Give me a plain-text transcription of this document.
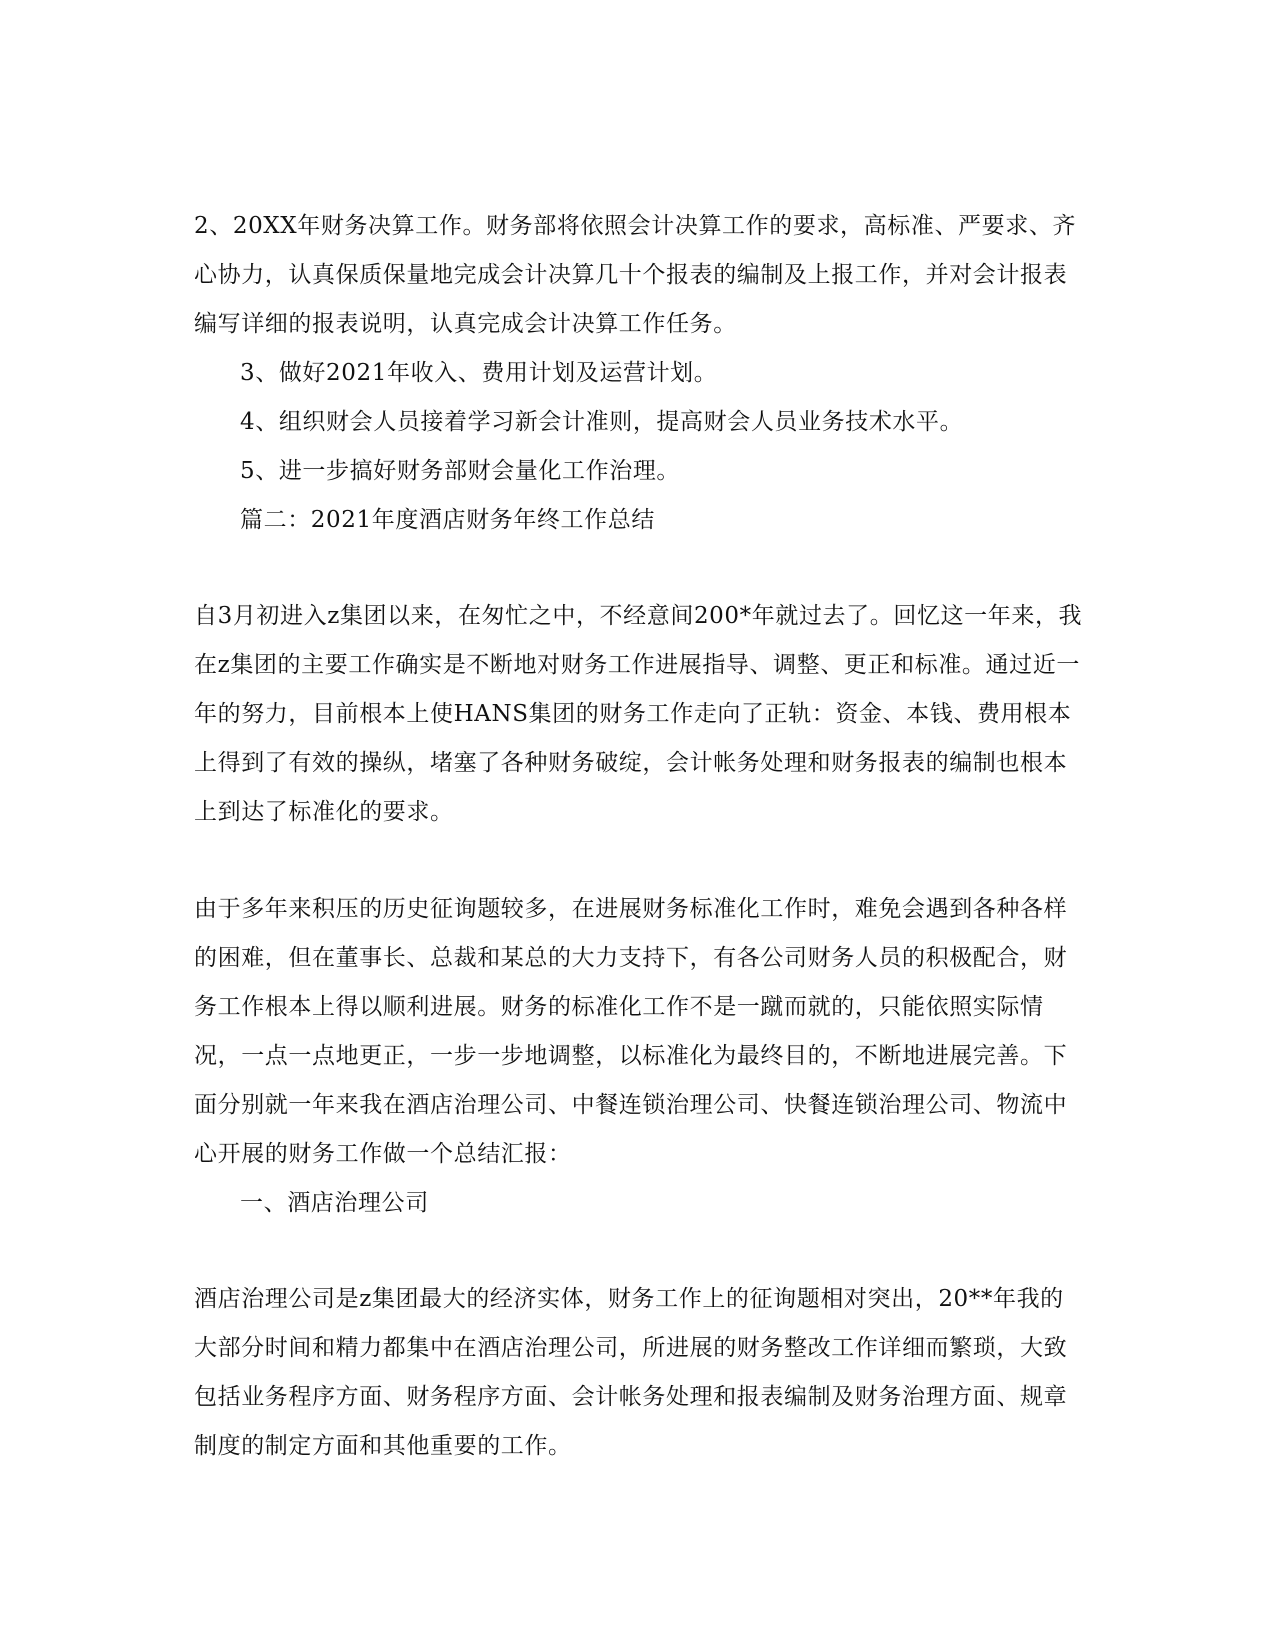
2、20XX年财务决算工作。财务部将依照会计决算工作的要求，高标准、严要求、齐心协力，认真保质保量地完成会计决算几十个报表的编制及上报工作，并对会计报表编写详细的报表说明，认真完成会计决算工作任务。

3、做好2021年收入、费用计划及运营计划。

4、组织财会人员接着学习新会计准则，提高财会人员业务技术水平。

5、进一步搞好财务部财会量化工作治理。

篇二：2021年度酒店财务年终工作总结

自3月初进入z集团以来，在匆忙之中，不经意间200*年就过去了。回忆这一年来，我在z集团的主要工作确实是不断地对财务工作进展指导、调整、更正和标准。通过近一年的努力，目前根本上使HANS集团的财务工作走向了正轨：资金、本钱、费用根本上得到了有效的操纵，堵塞了各种财务破绽，会计帐务处理和财务报表的编制也根本上到达了标准化的要求。

由于多年来积压的历史征询题较多，在进展财务标准化工作时，难免会遇到各种各样的困难，但在董事长、总裁和某总的大力支持下，有各公司财务人员的积极配合，财务工作根本上得以顺利进展。财务的标准化工作不是一蹴而就的，只能依照实际情况，一点一点地更正，一步一步地调整，以标准化为最终目的，不断地进展完善。下面分别就一年来我在酒店治理公司、中餐连锁治理公司、快餐连锁治理公司、物流中心开展的财务工作做一个总结汇报：

一、酒店治理公司

酒店治理公司是z集团最大的经济实体，财务工作上的征询题相对突出，20**年我的大部分时间和精力都集中在酒店治理公司，所进展的财务整改工作详细而繁琐，大致包括业务程序方面、财务程序方面、会计帐务处理和报表编制及财务治理方面、规章制度的制定方面和其他重要的工作。
